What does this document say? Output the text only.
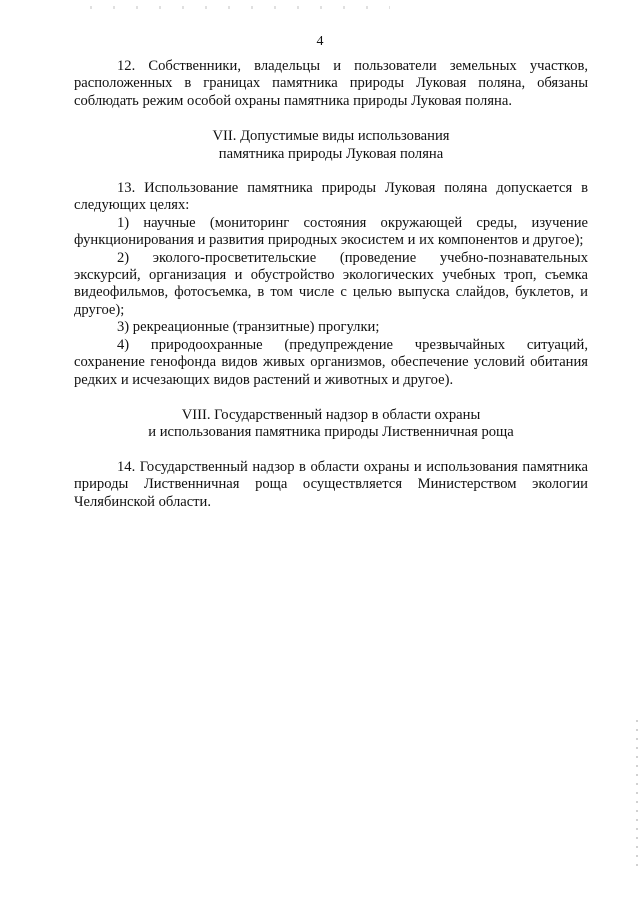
4

12. Собственники, владельцы и пользователи земельных участков, расположенных в границах памятника природы Луковая поляна, обязаны соблюдать режим особой охраны памятника природы Луковая поляна.

VII. Допустимые виды использования
памятника природы Луковая поляна

13. Использование памятника природы Луковая поляна допускается в следующих целях:

1) научные (мониторинг состояния окружающей среды, изучение функционирования и развития природных экосистем и их компонентов и другое);

2) эколого-просветительские (проведение учебно-познавательных экскурсий, организация и обустройство экологических учебных троп, съемка видеофильмов, фотосъемка, в том числе с целью выпуска слайдов, буклетов, и другое);

3) рекреационные (транзитные) прогулки;

4) природоохранные (предупреждение чрезвычайных ситуаций, сохранение генофонда видов живых организмов, обеспечение условий обитания редких и исчезающих видов растений и животных и другое).

VIII. Государственный надзор в области охраны
и использования памятника природы Лиственничная роща

14. Государственный надзор в области охраны и использования памятника природы Лиственничная роща осуществляется Министерством экологии Челябинской области.
